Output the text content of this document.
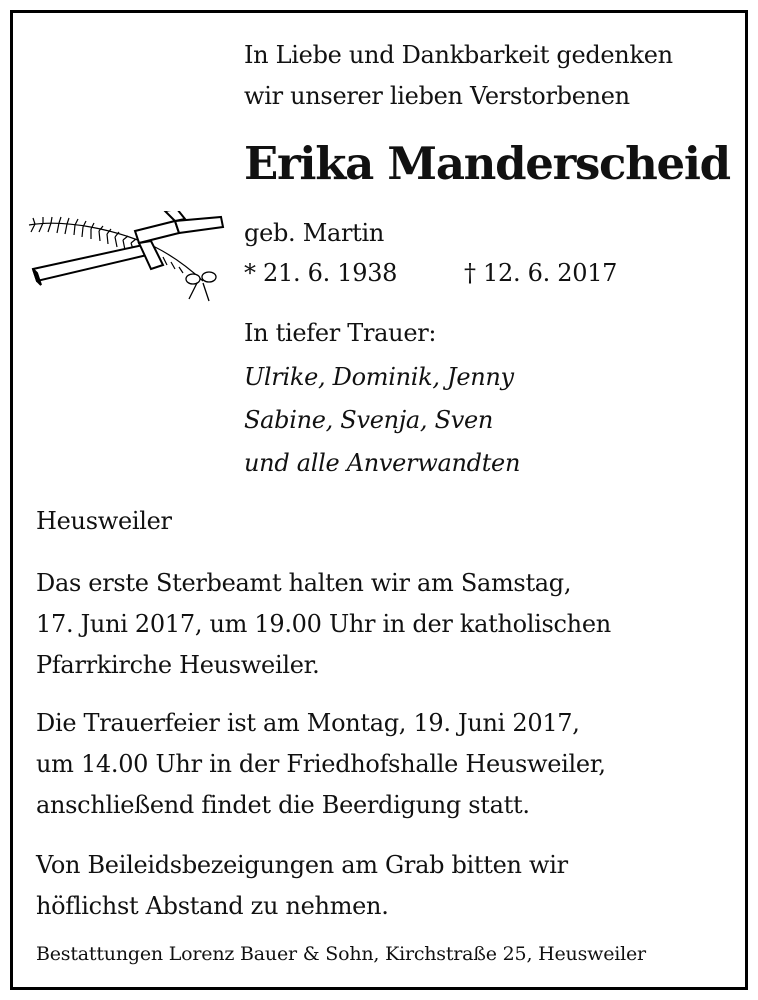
In Liebe und Dankbarkeit gedenken
wir unserer lieben Verstorbenen
Erika Manderscheid
geb. Martin
* 21. 6. 1938	† 12. 6. 2017
In tiefer Trauer:
Ulrike, Dominik, Jenny
Sabine, Svenja, Sven
und alle Anverwandten
Heusweiler
Das erste Sterbeamt halten wir am Samstag,
17. Juni 2017, um 19.00 Uhr in der katholischen
Pfarrkirche Heusweiler.
Die Trauerfeier ist am Montag, 19. Juni 2017,
um 14.00 Uhr in der Friedhofshalle Heusweiler,
anschließend findet die Beerdigung statt.
Von Beileidsbezeigungen am Grab bitten wir
höflichst Abstand zu nehmen.
Bestattungen Lorenz Bauer & Sohn, Kirchstraße 25, Heusweiler
